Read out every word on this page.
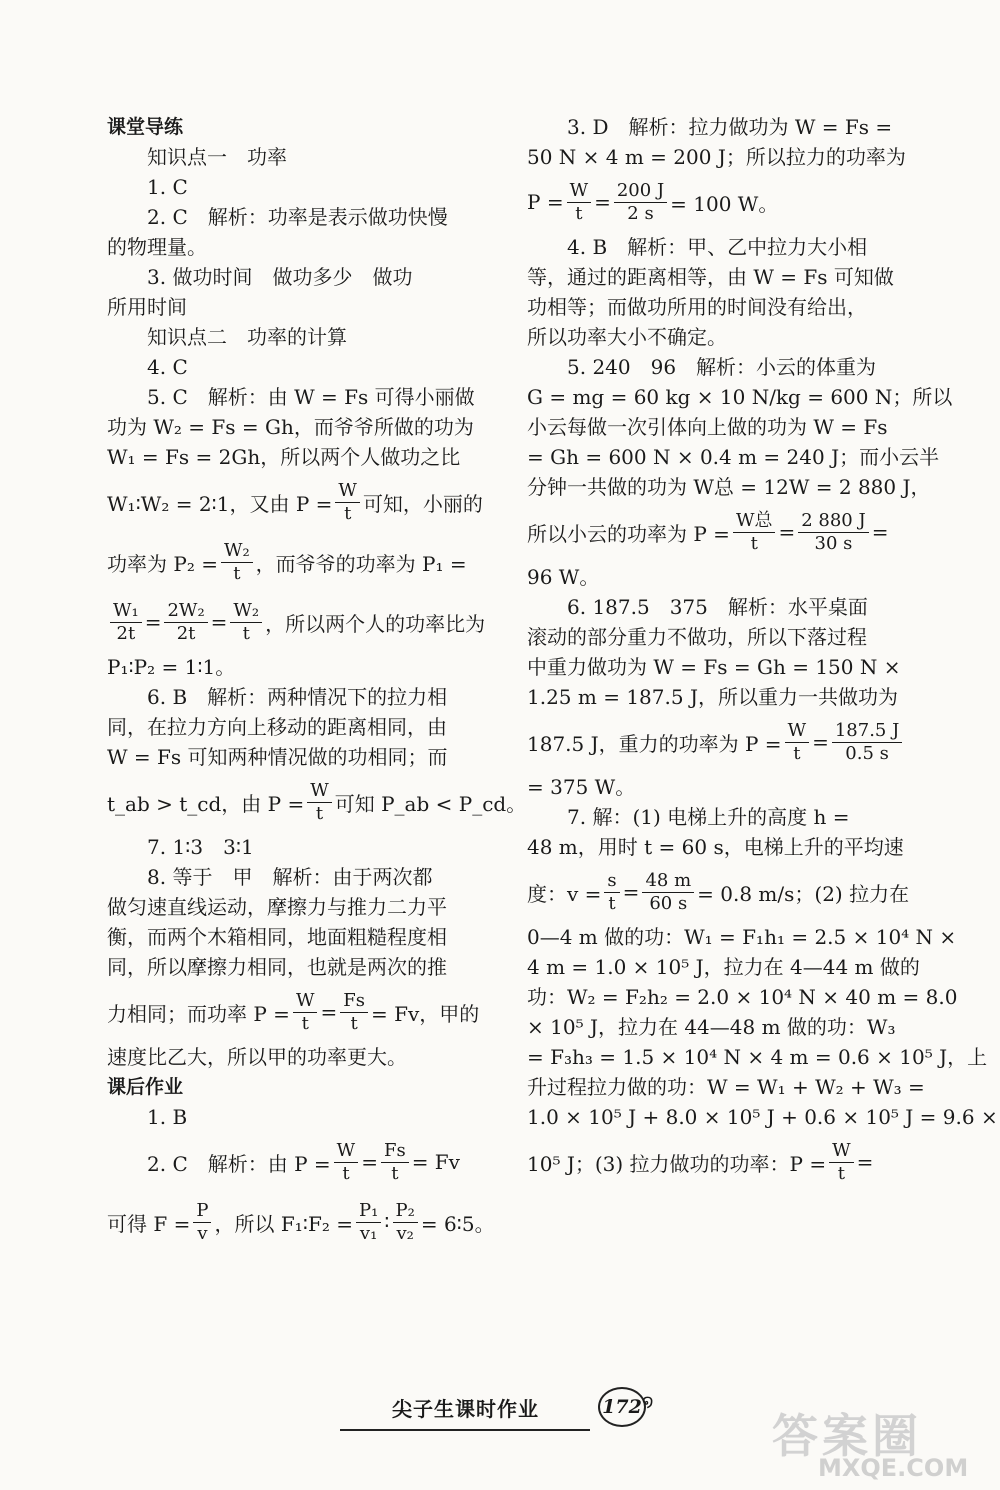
课堂导练
知识点一　功率
1. C
2. C　解析：功率是表示做功快慢
的物理量。
3. 做功时间　做功多少　做功
所用时间
知识点二　功率的计算
4. C
5. C　解析：由 W = Fs 可得小丽做
功为 W₂ = Fs = Gh，而爷爷所做的功为
W₁ = Fs = 2Gh，所以两个人做功之比
W₁∶W₂ = 2∶1，又由 $P = \frac{W}{t}$ 可知，小丽的
功率为 $P_2 = \frac{\text{W₂}}{t}$ ，而爷爷的功率为 P₁ =
$\frac{\text{W₁}}{2t} = \frac{\text{2W₂}}{2t} = \frac{\text{W₂}}{t}$ ，所以两个人的功率比为
P₁∶P₂ = 1∶1。
6. B　解析：两种情况下的拉力相
同，在拉力方向上移动的距离相同，由
W = Fs 可知两种情况做的功相同；而
t_ab > t_cd，由 $P = \frac{W}{t}$ 可知 P_ab < P_cd。
7. 1∶3　3∶1
8. 等于　甲　解析：由于两次都
做匀速直线运动，摩擦力与推力二力平
衡，而两个木箱相同，地面粗糙程度相
同，所以摩擦力相同，也就是两次的推
力相同；而功率 $P = \frac{W}{t} = \frac{Fs}{t} = Fv$，甲的
速度比乙大，所以甲的功率更大。
课后作业
1. B
2. C　解析：由 $P = \frac{W}{t} = \frac{Fs}{t} = Fv$
可得 $F = \frac{P}{v}$ ，所以 F₁∶F₂ = $\frac{\text{P₁}}{\text{v₁}}$ ∶ $\frac{\text{P₂}}{\text{v₂}}$ = 6∶5。
3. D　解析：拉力做功为 W = Fs =
50 N × 4 m = 200 J；所以拉力的功率为
$P = \frac{W}{t} = \frac{200 J}{2 s} = 100$ W。
4. B　解析：甲、乙中拉力大小相
等，通过的距离相等，由 W = Fs 可知做
功相等；而做功所用的时间没有给出，
所以功率大小不确定。
5. 240　96　解析：小云的体重为
G = mg = 60 kg × 10 N/kg = 600 N；所以
小云每做一次引体向上做的功为 W = Fs
= Gh = 600 N × 0.4 m = 240 J；而小云半
分钟一共做的功为 W总 = 12W = 2 880 J，
所以小云的功率为 $P = \frac{\text{W总}}{t} = \frac{2 880 J}{30 s}$ =
96 W。
6. 187.5　375　解析：水平桌面
滚动的部分重力不做功，所以下落过程
中重力做功为 W = Fs = Gh = 150 N ×
1.25 m = 187.5 J，所以重力一共做功为
187.5 J，重力的功率为 $P = \frac{W}{t} = \frac{187.5 J}{0.5 s}$
= 375 W。
7. 解：(1) 电梯上升的高度 h =
48 m，用时 t = 60 s，电梯上升的平均速
度：$v = \frac{s}{t} = \frac{48 m}{60 s} = 0.8$ m/s；(2) 拉力在
0—4 m 做的功：W₁ = F₁h₁ = 2.5 × 10⁴ N ×
4 m = 1.0 × 10⁵ J，拉力在 4—44 m 做的
功：W₂ = F₂h₂ = 2.0 × 10⁴ N × 40 m = 8.0
× 10⁵ J，拉力在 44—48 m 做的功：W₃
= F₃h₃ = 1.5 × 10⁴ N × 4 m = 0.6 × 10⁵ J，上
升过程拉力做的功：W = W₁ + W₂ + W₃ =
1.0 × 10⁵ J + 8.0 × 10⁵ J + 0.6 × 10⁵ J = 9.6 ×
10⁵ J；(3) 拉力做功的功率：$P = \frac{W}{t}$ =
尖子生课时作业	172 ໑
答案圈
MXQE.COM
